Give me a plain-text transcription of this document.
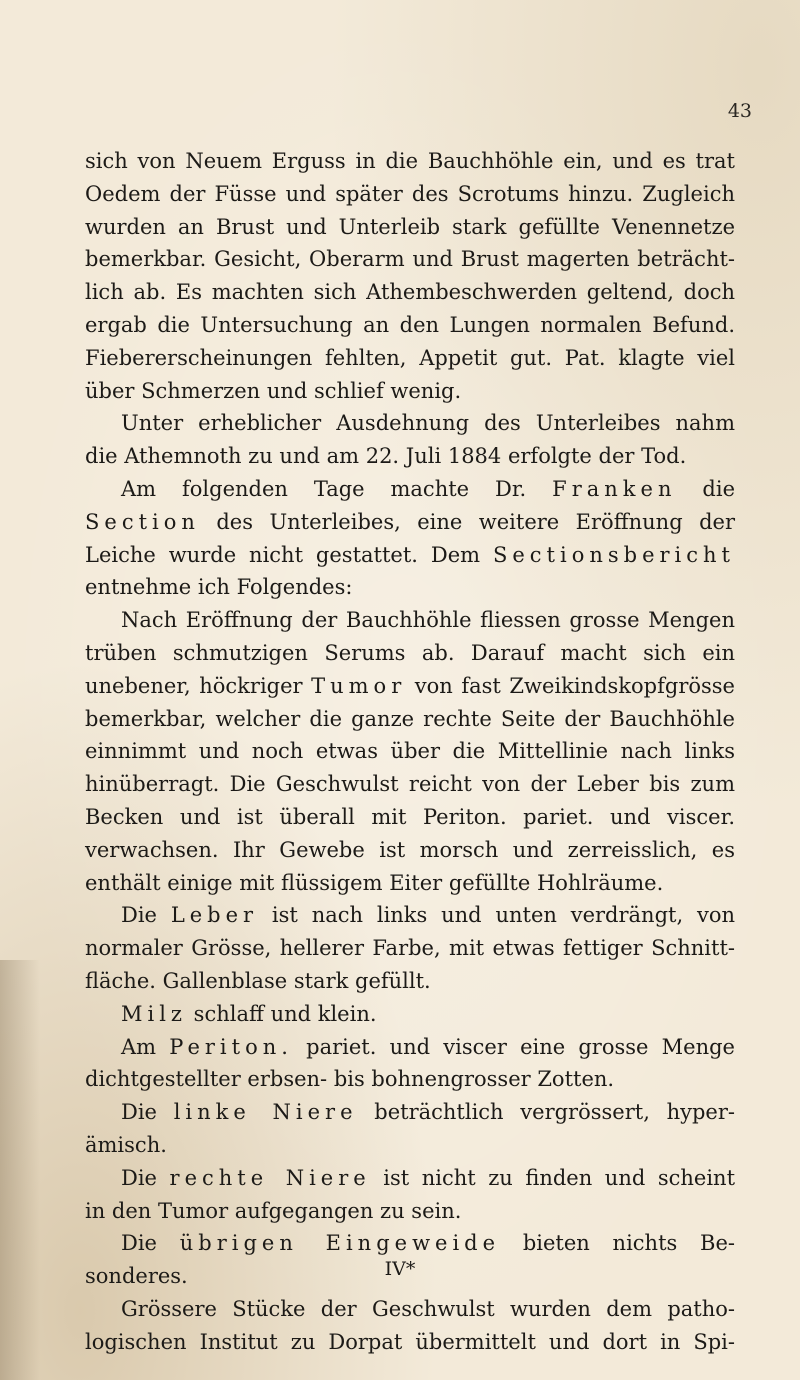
43
sich von Neuem Erguss in die Bauchhöhle ein, und es trat
Oedem der Füsse und später des Scrotums hinzu. Zugleich
wurden an Brust und Unterleib stark gefüllte Venennetze
bemerkbar. Gesicht, Oberarm und Brust magerten beträcht-
lich ab. Es machten sich Athembeschwerden geltend, doch
ergab die Untersuchung an den Lungen normalen Befund.
Fiebererscheinungen fehlten, Appetit gut. Pat. klagte viel
über Schmerzen und schlief wenig.
Unter erheblicher Ausdehnung des Unterleibes nahm
die Athemnoth zu und am 22. Juli 1884 erfolgte der Tod.
Am folgenden Tage machte Dr. Franken die
Section des Unterleibes, eine weitere Eröffnung der
Leiche wurde nicht gestattet. Dem Sectionsbericht
entnehme ich Folgendes:
Nach Eröffnung der Bauchhöhle fliessen grosse Mengen
trüben schmutzigen Serums ab. Darauf macht sich ein
unebener, höckriger Tumor von fast Zweikindskopfgrösse
bemerkbar, welcher die ganze rechte Seite der Bauchhöhle
einnimmt und noch etwas über die Mittellinie nach links
hinüberragt. Die Geschwulst reicht von der Leber bis zum
Becken und ist überall mit Periton. pariet. und viscer.
verwachsen. Ihr Gewebe ist morsch und zerreisslich, es
enthält einige mit flüssigem Eiter gefüllte Hohlräume.
Die Leber ist nach links und unten verdrängt, von
normaler Grösse, hellerer Farbe, mit etwas fettiger Schnitt-
fläche. Gallenblase stark gefüllt.
Milz schlaff und klein.
Am Periton. pariet. und viscer eine grosse Menge
dichtgestellter erbsen- bis bohnengrosser Zotten.
Die linke Niere beträchtlich vergrössert, hyper-
ämisch.
Die rechte Niere ist nicht zu finden und scheint
in den Tumor aufgegangen zu sein.
Die übrigen Eingeweide bieten nichts Be-
sonderes.
Grössere Stücke der Geschwulst wurden dem patho-
logischen Institut zu Dorpat übermittelt und dort in Spi-
IV*
